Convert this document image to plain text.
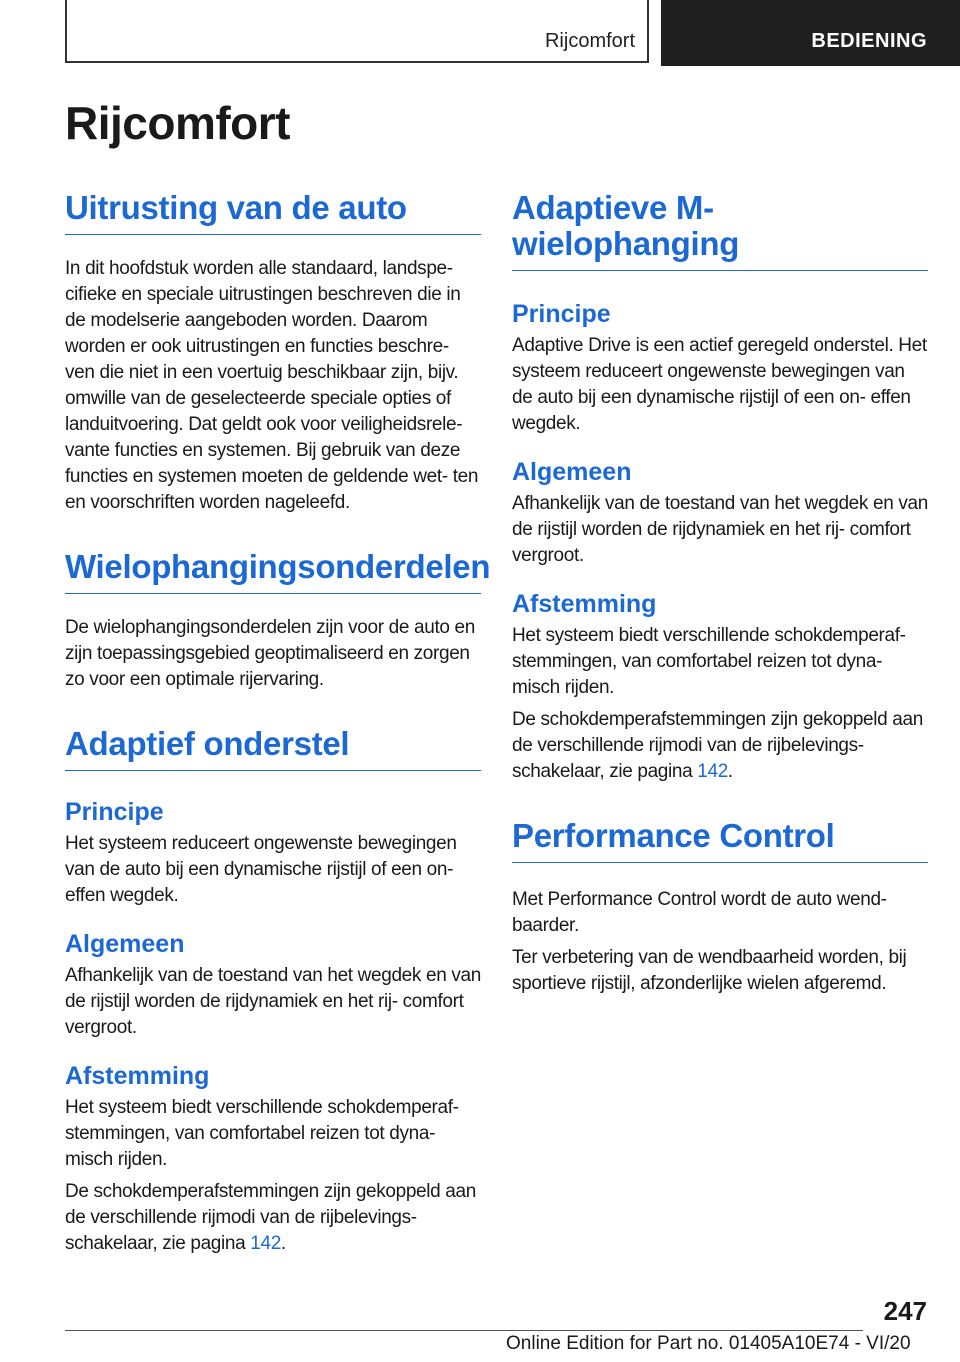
Rijcomfort	BEDIENING
Rijcomfort
Uitrusting van de auto

In dit hoofdstuk worden alle standaard, landspe- cifieke en speciale uitrustingen beschreven die in de modelserie aangeboden worden. Daarom worden er ook uitrustingen en functies beschre- ven die niet in een voertuig beschikbaar zijn, bijv. omwille van de geselecteerde speciale opties of landuitvoering. Dat geldt ook voor veiligheidsrele- vante functies en systemen. Bij gebruik van deze functies en systemen moeten de geldende wet- ten en voorschriften worden nageleefd.

Wielophangingsonderdelen

De wielophangingsonderdelen zijn voor de auto en zijn toepassingsgebied geoptimaliseerd en zorgen zo voor een optimale rijervaring.

Adaptief onderstel
Principe

Het systeem reduceert ongewenste bewegingen van de auto bij een dynamische rijstijl of een on- effen wegdek.

Algemeen

Afhankelijk van de toestand van het wegdek en van de rijstijl worden de rijdynamiek en het rij- comfort vergroot.

Afstemming

Het systeem biedt verschillende schokdemperaf- stemmingen, van comfortabel reizen tot dyna- misch rijden.

De schokdemperafstemmingen zijn gekoppeld aan de verschillende rijmodi van de rijbelevings- schakelaar, zie pagina 142.

Adaptieve M- wielophanging
Principe

Adaptive Drive is een actief geregeld onderstel. Het systeem reduceert ongewenste bewegingen van de auto bij een dynamische rijstijl of een on- effen wegdek.

Algemeen

Afhankelijk van de toestand van het wegdek en van de rijstijl worden de rijdynamiek en het rij- comfort vergroot.

Afstemming

Het systeem biedt verschillende schokdemperaf- stemmingen, van comfortabel reizen tot dyna- misch rijden.

De schokdemperafstemmingen zijn gekoppeld aan de verschillende rijmodi van de rijbelevings- schakelaar, zie pagina 142.

Performance Control

Met Performance Control wordt de auto wend- baarder.

Ter verbetering van de wendbaarheid worden, bij sportieve rijstijl, afzonderlijke wielen afgeremd.

247
Online Edition for Part no. 01405A10E74 - VI/20
